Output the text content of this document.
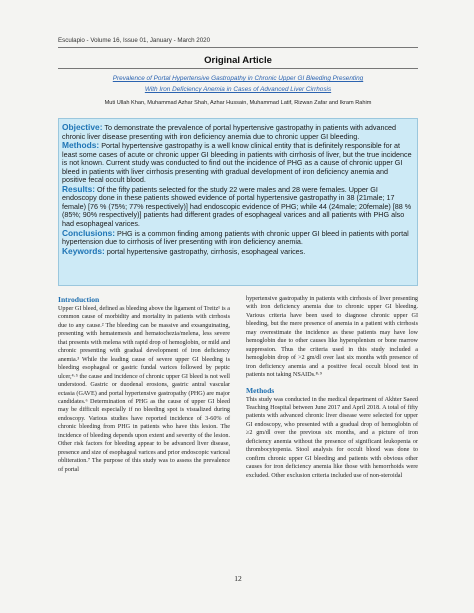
Esculapio - Volume 16, Issue 01, January - March 2020
Original Article
Prevalence of Portal Hypertensive Gastropathy in Chronic Upper GI Bleeding Presenting
With Iron Deficiency Anemia in Cases of Advanced Liver Cirrhosis
Muti Ullah Khan, Muhammad Azhar Shah, Azhar Hussain, Muhammad Latif, Rizwan Zafar and Ikram Rahim

Objective: To demonstrate the prevalence of portal hypertensive gastropathy in patients with advanced chronic liver disease presenting with iron deficiency anemia due to chronic upper GI bleeding.

Methods: Portal hypertensive gastropathy is a well know clinical entity that is definitely responsible for at least some cases of acute or chronic upper GI bleeding in patients with cirrhosis of liver, but the true incidence is not known. Current study was conducted to find out the incidence of PHG as a cause of chronic upper GI bleed in patients with liver cirrhosis presenting with gradual development of iron deficiency anemia and positive fecal occult blood.

Results: Of the fifty patients selected for the study 22 were males and 28 were females. Upper GI endoscopy done in these patients showed evidence of portal hypertensive gastropathy in 38 (21male; 17 female) [76 % (75%; 77% respectively)] had endoscopic evidence of PHG; while 44 (24male; 20female) [88 % (85%; 90% respectively)] patients had different grades of esophageal varices and all patients with PHG also had esophageal varices.

Conclusions: PHG is a common finding among patients with chronic upper GI bleed in patients with portal hypertension due to cirrhosis of liver presenting with iron deficiency anemia.

Keywords: portal hypertensive gastropathy, cirrhosis, esophageal varices.

Introduction

Upper GI bleed, defined as bleeding above the ligament of Treitz¹ is a common cause of morbidity and mortality in patients with cirrhosis due to any cause.² The bleeding can be massive and exsanguinating, presenting with hematemesis and hematochezia/melena, less severe that presents with melena with rapid drop of hemoglobin, or mild and chronic presenting with gradual development of iron deficiency anemia.³ While the leading cause of severe upper GI bleeding is bleeding esophageal or gastric fundal varices followed by peptic ulcer,⁴·⁵ the cause and incidence of chronic upper GI bleed is not well understood. Gastric or duodenal erosions, gastric antral vascular ectasia (GAVE) and portal hypertensive gastropathy (PHG) are major candidates.⁶ Determination of PHG as the cause of upper GI bleed may be difficult especially if no bleeding spot is visualized during endoscopy. Various studies have reported incidence of 3-60% of chronic bleeding from PHG in patients who have this lesion. The incidence of bleeding depends upon extent and severity of the lesion. Other risk factors for bleeding appear to be advanced liver disease, presence and size of esophageal varices and prior endoscopic variceal obliteration.⁷ The purpose of this study was to assess the prevalence of portal

hypertensive gastropathy in patients with cirrhosis of liver presenting with iron deficiency anemia due to chronic upper GI bleeding. Various criteria have been used to diagnose chronic upper GI bleeding, but the mere presence of anemia in a patient with cirrhosis may overestimate the incidence as these patients may have low hemoglobin due to other causes like hypersplenism or bone marrow suppression. Thus the criteria used in this study included a hemoglobin drop of >2 gm/dl over last six months with presence of iron deficiency anemia and a positive fecal occult blood test in patients not taking NSAIDs.⁸·⁹

Methods

This study was conducted in the medical department of Akhter Saeed Teaching Hospital between June 2017 and April 2018. A total of fifty patients with advanced chronic liver disease were selected for upper GI endoscopy, who presented with a gradual drop of hemoglobin of ≥2 gm/dl over the previous six months, and a picture of iron deficiency anemia without the presence of significant leukopenia or thrombocytopenia. Stool analysis for occult blood was done to confirm chronic upper GI bleeding and patients with obvious other causes for iron deficiency anemia like those with hemorrhoids were excluded. Other exclusion criteria included use of non-steroidal

12
